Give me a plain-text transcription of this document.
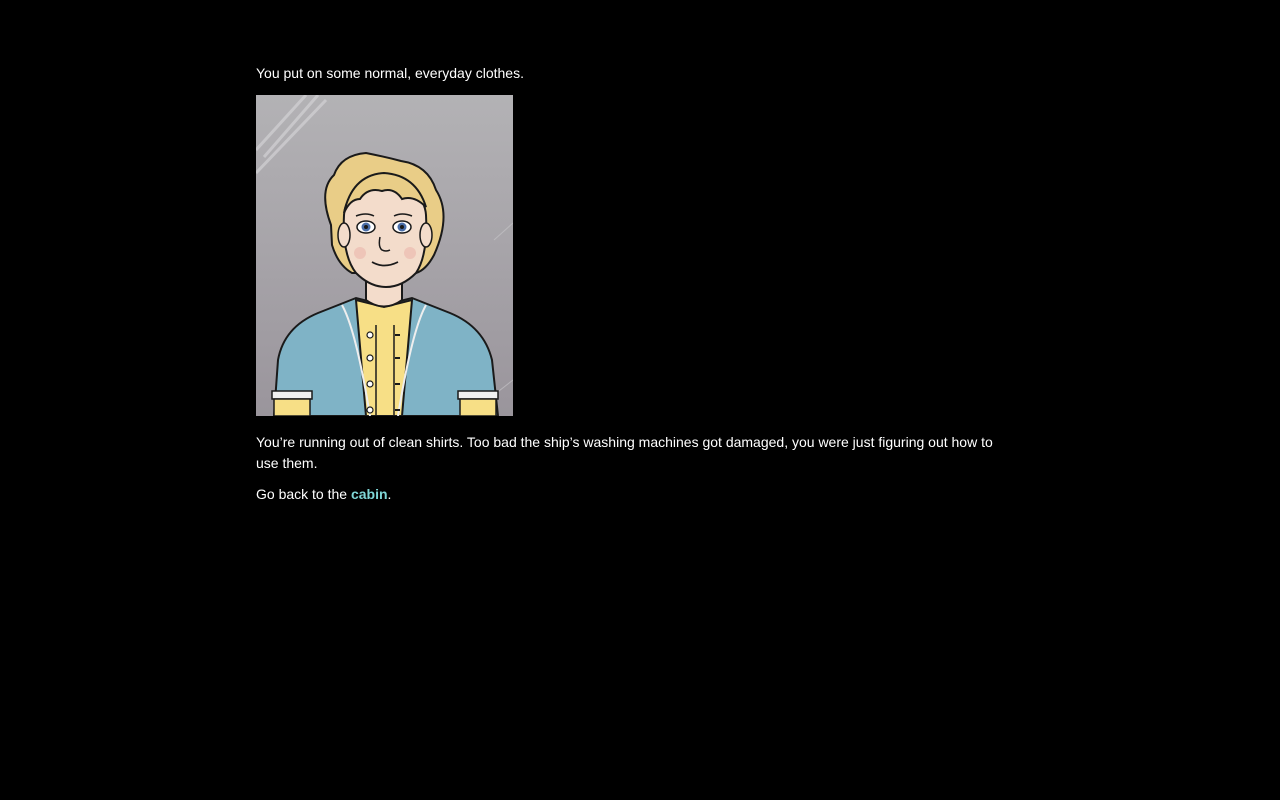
You put on some normal, everyday clothes.

You’re running out of clean shirts. Too bad the ship’s washing machines got damaged, you were just figuring out how to use them.

Go back to the cabin.
